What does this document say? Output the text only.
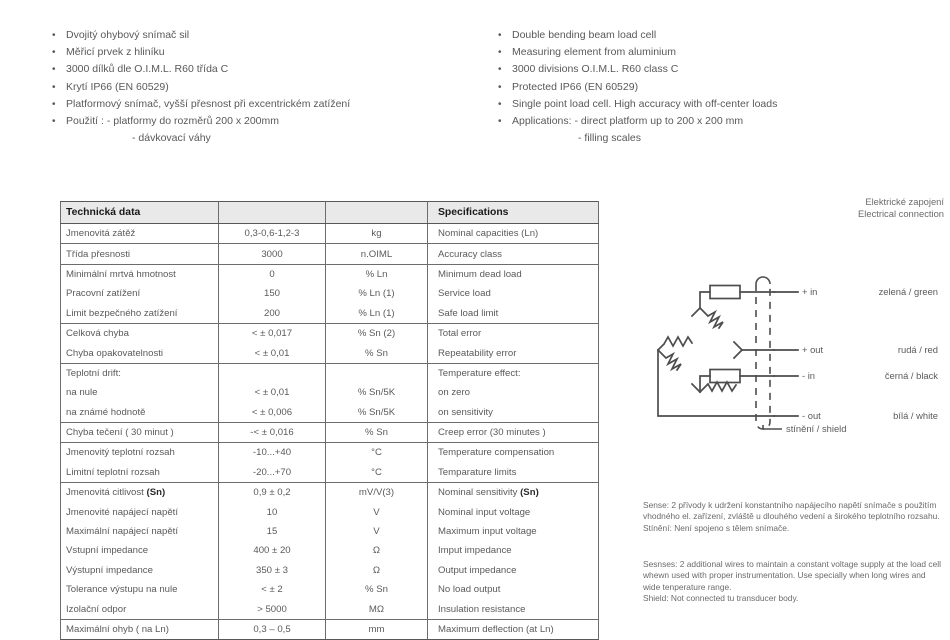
• Dvojitý ohybový snímač sil
• Měřicí prvek z hliníku
• 3000 dílků dle O.I.M.L. R60 třída C
• Krytí IP66 (EN 60529)
• Platformový snímač, vyšší přesnost při excentrickém zatížení
• Použití : - platformy do rozměrů 200 x 200mm
- dávkovací váhy
• Double bending beam load cell
• Measuring element from aluminium
• 3000 divisions O.I.M.L. R60 class C
• Protected IP66 (EN 60529)
• Single point load cell. High accuracy with off-center loads
• Applications: - direct platform up to 200 x 200 mm
- filling scales
Technická data			Specifications
Jmenovitá zátěž	0,3-0,6-1,2-3	kg	Nominal capacities (Ln)
Třída přesnosti	3000	n.OIML	Accuracy class
Minimální mrtvá hmotnost	0	% Ln	Minimum dead load
Pracovní zatížení	150	% Ln (1)	Service load
Limit bezpečného zatížení	200	% Ln (1)	Safe load limit
Celková chyba	< ± 0,017	% Sn (2)	Total error
Chyba opakovatelnosti	< ± 0,01	% Sn	Repeatability error
Teplotní drift:			Temperature effect:
na nule	< ± 0,01	% Sn/5K	on zero
na známé hodnotě	< ± 0,006	% Sn/5K	on sensitivity
Chyba tečení ( 30 minut )	-< ± 0,016	% Sn	Creep error (30 minutes )
Jmenovitý teplotní rozsah	-10...+40	°C	Temperature compensation
Limitní teplotní rozsah	-20...+70	°C	Temparature limits
Jmenovitá citlivost (Sn)	0,9 ± 0,2	mV/V(3)	Nominal sensitivity (Sn)
Jmenovité napájecí napětí	10	V	Nominal input voltage
Maximální napájecí napětí	15	V	Maximum input voltage
Vstupní impedance	400 ± 20	Ω	Imput impedance
Výstupní impedance	350 ± 3	Ω	Output impedance
Tolerance výstupu na nule	< ± 2	% Sn	No load output
Izolační odpor	> 5000	MΩ	Insulation resistance
Maximální ohyb ( na Ln)	0,3 – 0,5	mm	Maximum deflection (at Ln)
Elektrické zapojení
Electrical connection
+ in
+ out
- in
- out
stínění / shield
zelená / green
rudá / red
černá / black
bílá / white

Sense: 2 přívody k udržení konstantního napájecího napětí snímače s použitím

vhodného el. zařízení, zvláště u dlouhého vedení a širokého teplotního rozsahu.

Stínění: Není spojeno s tělem snímače.

Sesnses: 2 additional wires to maintain a constant voltage supply at the load cell

whewn used with proper instrumentation. Use specially when long wires and

wide tenperature range.

Shield: Not connected tu transducer body.
